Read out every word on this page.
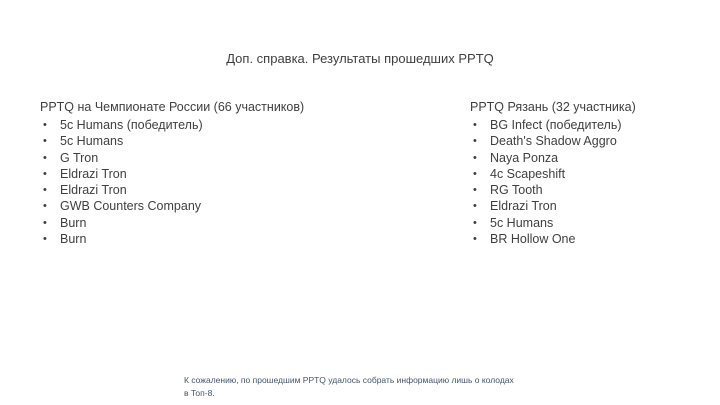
Доп. справка. Результаты прошедших PPTQ
PPTQ на Чемпионате России (66 участников)
• 5c Humans (победитель)
• 5c Humans
• G Tron
• Eldrazi Tron
• Eldrazi Tron
• GWB Counters Company
• Burn
• Burn
PPTQ Рязань (32 участника)
• BG Infect (победитель)
• Death's Shadow Aggro
• Naya Ponza
• 4c Scapeshift
• RG Tooth
• Eldrazi Tron
• 5c Humans
• BR Hollow One
К сожалению, по прошедшим PPTQ удалось собрать информацию лишь о колодах в Топ-8.
